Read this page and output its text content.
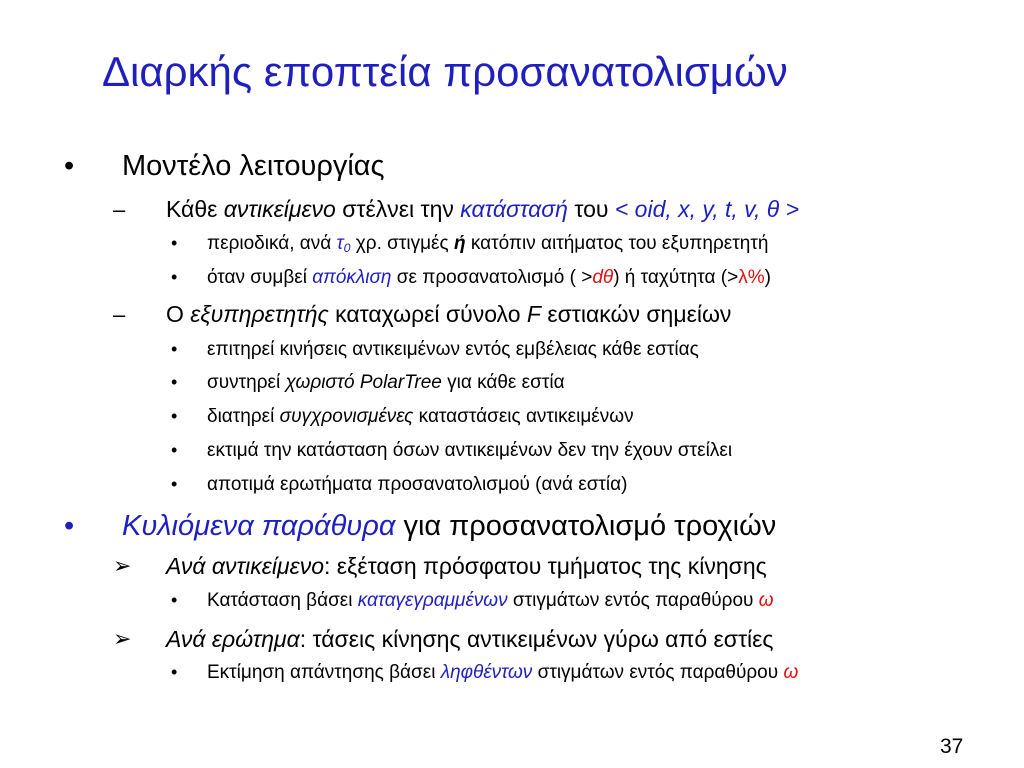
Διαρκής εποπτεία προσανατολισμών
• Μοντέλο λειτουργίας
– Κάθε αντικείμενο στέλνει την κατάστασή του < oid, x, y, t, v, θ >
• περιοδικά, ανά $\tau_0$ χρ. στιγμές ή κατόπιν αιτήματος του εξυπηρετητή
• όταν συμβεί απόκλιση σε προσανατολισμό ( >dθ) ή ταχύτητα (>λ%)
– Ο εξυπηρετητής καταχωρεί σύνολο F εστιακών σημείων
• επιτηρεί κινήσεις αντικειμένων εντός εμβέλειας κάθε εστίας
• συντηρεί χωριστό PolarTree για κάθε εστία
• διατηρεί συγχρονισμένες καταστάσεις αντικειμένων
• εκτιμά την κατάσταση όσων αντικειμένων δεν την έχουν στείλει
• αποτιμά ερωτήματα προσανατολισμού (ανά εστία)
• Κυλιόμενα παράθυρα για προσανατολισμό τροχιών
➢ Ανά αντικείμενο: εξέταση πρόσφατου τμήματος της κίνησης
• Κατάσταση βάσει καταγεγραμμένων στιγμάτων εντός παραθύρου ω
➢ Ανά ερώτημα: τάσεις κίνησης αντικειμένων γύρω από εστίες
• Εκτίμηση απάντησης βάσει ληφθέντων στιγμάτων εντός παραθύρου ω
37
